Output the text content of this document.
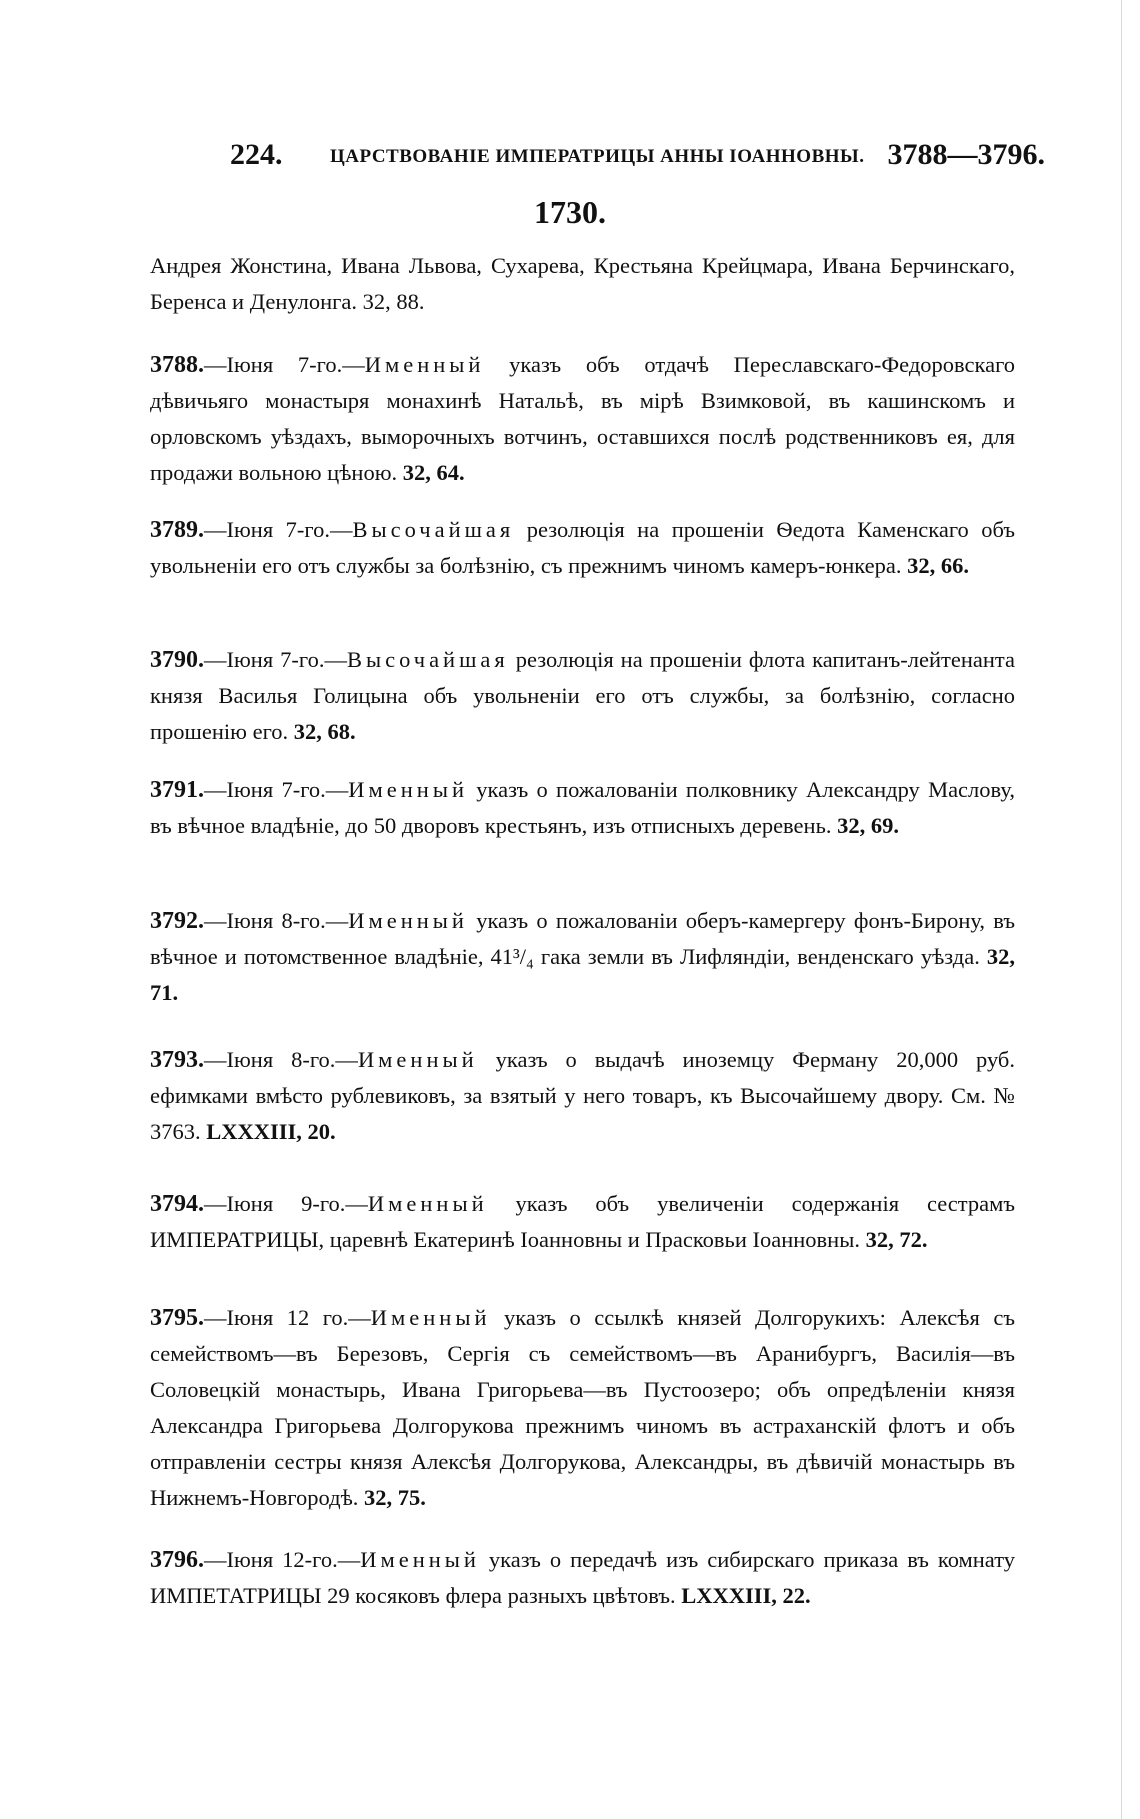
224.	ЦАРСТВОВАНІЕ ИМПЕРАТРИЦЫ АННЫ ІОАННОВНЫ. 3788—3796.
1730.

Андрея Жонстина, Ивана Львова, Сухарева, Крестьяна Крейцмара, Ивана Берчинскаго, Беренса и Денулонга. 32, 88.

3788.—Іюня 7-го.—Именный указъ объ отдачѣ Переславскаго-Федоровскаго дѣвичьяго монастыря монахинѣ Натальѣ, въ мірѣ Взимковой, въ кашинскомъ и орловскомъ уѣздахъ, выморочныхъ вотчинъ, оставшихся послѣ родственниковъ ея, для продажи вольною цѣною. 32, 64.

3789.—Іюня 7-го.—Высочайшая резолюція на прошеніи Ѳедота Каменскаго объ увольненіи его отъ службы за болѣзнію, съ прежнимъ чиномъ камеръ-юнкера. 32, 66.

3790.—Іюня 7-го.—Высочайшая резолюція на прошеніи флота капитанъ-лейтенанта князя Василья Голицына объ увольненіи его отъ службы, за болѣзнію, согласно прошенію его. 32, 68.

3791.—Іюня 7-го.—Именный указъ о пожалованіи полковнику Александру Маслову, въ вѣчное владѣніе, до 50 дворовъ крестьянъ, изъ отписныхъ деревень. 32, 69.

3792.—Іюня 8-го.—Именный указъ о пожалованіи оберъ-камергеру фонъ-Бирону, въ вѣчное и потомственное владѣніе, 41³/₄ гака земли въ Лифляндіи, венденскаго уѣзда. 32, 71.

3793.—Іюня 8-го.—Именный указъ о выдачѣ иноземцу Ферману 20,000 руб. ефимками вмѣсто рублевиковъ, за взятый у него товаръ, къ Высочайшему двору. См. № 3763. LXXXIII, 20.

3794.—Іюня 9-го.—Именный указъ объ увеличеніи содержанія сестрамъ ИМПЕРАТРИЦЫ, царевнѣ Екатеринѣ Іоанновны и Прасковьи Іоанновны. 32, 72.

3795.—Іюня 12 го.—Именный указъ о ссылкѣ князей Долгорукихъ: Алексѣя съ семействомъ—въ Березовъ, Сергія съ семействомъ—въ Аранибургъ, Василія—въ Соловецкій монастырь, Ивана Григорьева—въ Пустоозеро; объ опредѣленіи князя Александра Григорьева Долгорукова прежнимъ чиномъ въ астраханскій флотъ и объ отправленіи сестры князя Алексѣя Долгорукова, Александры, въ дѣвичій монастырь въ Нижнемъ-Новгородѣ. 32, 75.

3796.—Іюня 12-го.—Именный указъ о передачѣ изъ сибирскаго приказа въ комнату ИМПЕТАТРИЦЫ 29 косяковъ флера разныхъ цвѣтовъ. LXXXIII, 22.
